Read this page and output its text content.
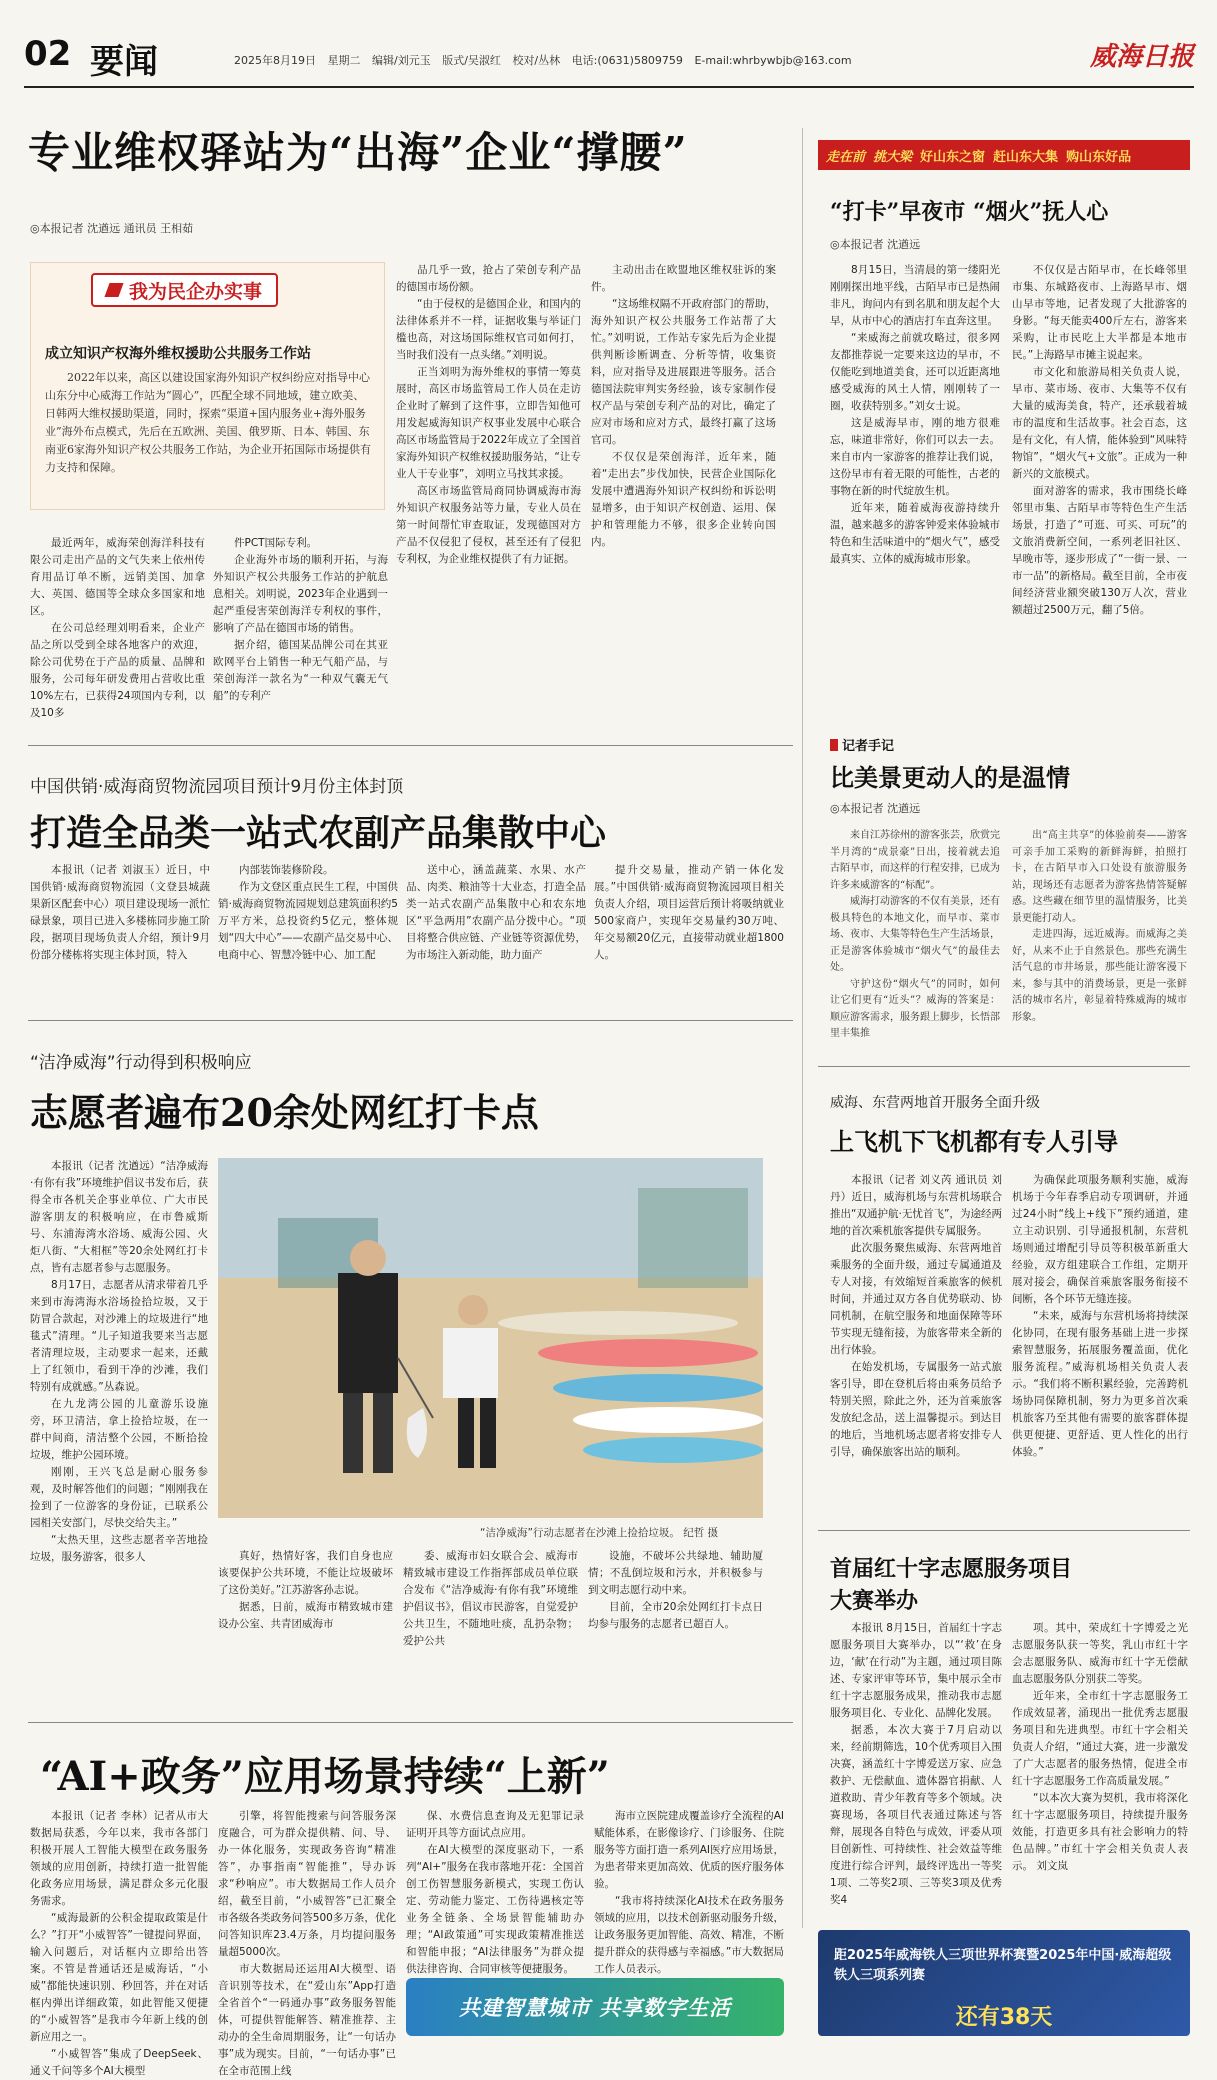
02 要闻	2025年8月19日 星期二 编辑/刘元玉 版式/吴淑红 校对/丛林 电话:(0631)5809759 E-mail:whrbywbjb@163.com	威海日报
专业维权驿站为“出海”企业“撑腰”
◎本报记者 沈遒远 通讯员 王相茹
我为民企办实事
成立知识产权海外维权援助公共服务工作站
2022年以来，高区以建设国家海外知识产权纠纷应对指导中心山东分中心威海工作站为“圆心”，匹配全球不同地域，建立欧美、日韩两大维权援助渠道，同时，探索“渠道+国内服务业+海外服务业”海外布点模式，先后在五欧洲、美国、俄罗斯、日本、韩国、东南亚6家海外知识产权公共服务工作站，为企业开拓国际市场提供有力支持和保障。
品几乎一致，抢占了荣创专利产品的德国市场份额。
“由于侵权的是德国企业，和国内的法律体系并不一样，证据收集与举证门槛也高，对这场国际维权官司如何打，当时我们没有一点头绪。”刘明说。
正当刘明为海外维权的事情一筹莫展时，高区市场监管局工作人员在走访企业时了解到了这件事，立即告知他可用发起威海知识产权事业发展中心联合高区市场监管局于2022年成立了全国首家海外知识产权维权援助服务站，“让专业人干专业事”，刘明立马找其求援。
高区市场监管局商同协调威海市海外知识产权服务站等力量，专业人员在第一时间帮忙审查取证，发现德国对方产品不仅侵犯了侵权，甚至还有了侵犯专利权，为企业维权提供了有力证据。
主动出击在欧盟地区维权驻诉的案件。
“这场维权隔不开政府部门的帮助，海外知识产权公共服务工作站帮了大忙。”刘明说，工作站专家先后为企业提供判断诊断调查、分析等情，收集资料，应对指导及进展跟进等服务。活合德国法院审判实务经验，该专家制作侵权产品与荣创专利产品的对比，确定了应对市场和应对方式，最终打赢了这场官司。
不仅仅是荣创海洋，近年来，随着“走出去”步伐加快，民营企业国际化发展中遭遇海外知识产权纠纷和诉讼明显增多，由于知识产权创造、运用、保护和管理能力不够，很多企业转向国内。
最近两年，威海荣创海洋科技有限公司走出产品的文气失来上依州传育用品订单不断，远销美国、加拿大、英国、德国等全球众多国家和地区。
在公司总经理刘明看来，企业产品之所以受到全球各地客户的欢迎，除公司优势在于产品的质量、品牌和服务，公司每年研发费用占营收比重10%左右，已获得24项国内专利，以及10多
件PCT国际专利。
企业海外市场的顺利开拓，与海外知识产权公共服务工作站的护航息息相关。刘明说，2023年企业遇到一起严重侵害荣创海洋专利权的事件，影响了产品在德国市场的销售。
据介绍，德国某品牌公司在其亚欧网平台上销售一种无气船产品，与荣创海洋一款名为“一种双气囊无气船”的专利产
走在前 挑大梁 好山东之窗 赶山东大集 购山东好品
“打卡”早夜市 “烟火”抚人心
◎本报记者 沈遒远
8月15日，当清晨的第一缕阳光刚刚探出地平线，古陌早市已是热闹非凡，询问内有到名肌和朋友起个大早，从市中心的酒店打车直奔这里。
“来威海之前就攻略过，很多网友都推荐说一定要来这边的早市，不仅能吃到地道美食，还可以近距离地感受威海的风土人情，刚刚转了一圈，收获特别多。”刘女士说。
这是威海早市，刚的地方很难忘，味道非常好，你们可以去一去。来自市内一家游客的推荐让我们说，这份早市有着无限的可能性，古老的事物在新的时代绽放生机。
近年来，随着威海夜游持续升温，越来越多的游客钟爱来体验城市特色和生活味道中的“烟火气”，感受最真实、立体的威海城市形象。
不仅仅是古陌早市，在长峰邻里市集、东城路夜市、上海路早市、烟山早市等地，记者发现了大批游客的身影。“每天能卖400斤左右，游客来采购，让市民吃上大半都是本地市民。”上海路早市摊主说起来。
市文化和旅游局相关负责人说，早市、菜市场、夜市、大集等不仅有大量的威海美食，特产，还承载着城市的温度和生活故事。社会百态，这是有文化，有人情，能体验到“风味特物馆”，“烟火气+文旅”。正成为一种新兴的文旅模式。
面对游客的需求，我市围绕长峰邻里市集、古陌早市等特色生产生活场景，打造了“可逛、可买、可玩”的文旅消费新空间，一系列老旧社区、早晚市等，逐步形成了“一街一景、一市一品”的新格局。截至目前，全市夜间经济营业额突破130万人次，营业额超过2500万元，翻了5倍。
记者手记
比美景更动人的是温情
◎本报记者 沈遒远
来自江苏徐州的游客张芸，欣赏完半月湾的“成景豪”日出，接着就去追古陌早市，而这样的行程安排，已成为许多来威游客的“标配”。
威海打动游客的不仅有美景，还有极具特色的本地文化，而早市、菜市场、夜市、大集等特色生产生活场景，正是游客体验城市“烟火气”的最佳去处。
守护这份“烟火气”的同时，如何让它们更有“近头”？威海的答案是：顺应游客需求，服务跟上脚步，长悟部里丰集推
出“高主共享”的体验前奏——游客可亲手加工采购的新鲜海鲜，拍照打卡，在古陌早市入口处设有旅游服务站，现场还有志愿者为游客热情答疑解惑。这些藏在细节里的温情服务，比美景更能打动人。
走进四海，远近威海。而威海之美好，从来不止于自然景色。那些充满生活气息的市井场景，那些能让游客漫下来，参与其中的消费场景，更是一张鲜活的城市名片，彰显着特殊威海的城市形象。
中国供销·威海商贸物流园项目预计9月份主体封顶
打造全品类一站式农副产品集散中心
本报讯（记者 刘淑玉）近日，中国供销·威海商贸物流园（文登县城蔬果新区配套中心）项目建设现场一派忙碌景象，项目已进入多楼栋同步施工阶段，据项目现场负责人介绍，预计9月份部分楼栋将实现主体封顶，特入
内部装饰装修阶段。
作为文登区重点民生工程，中国供销·威海商贸物流园规划总建筑面积约5万平方米，总投资约5亿元，整体规划“四大中心”——农副产品交易中心、电商中心、智慧冷链中心、加工配
送中心，涵盖蔬菜、水果、水产品、肉类、粮油等十大业态，打造全品类一站式农副产品集散中心和农东地区“平急两用”农副产品分拨中心。“项目将整合供应链、产业链等资源优势，为市场注入新动能，助力面产
提升交易量，推动产销一体化发展。”中国供销·威海商贸物流园项目相关负责人介绍，项目运营后预计将吸纳就业500家商户，实现年交易量约30万吨、年交易额20亿元，直接带动就业超1800人。
“洁净威海”行动得到积极响应
志愿者遍布20余处网红打卡点
本报讯（记者 沈遒远）“洁净威海·有你有我”环境维护倡议书发布后，获得全市各机关企事业单位、广大市民游客朋友的积极响应，在市鲁威斯号、东浦海湾水浴场、威海公园、火炬八街、“大相框”等20余处网红打卡点，皆有志愿者参与志愿服务。
8月17日，志愿者从清求带着几乎来到市海湾海水浴场捡拾垃圾，又于防冒合款起，对沙滩上的垃圾进行“地毯式”清理。“儿子知道我要来当志愿者清理垃圾，主动要求一起来，还戴上了红领巾，看到干净的沙滩，我们特别有成就感。”丛森说。
在九龙湾公园的儿童游乐设施旁，环卫清洁，拿上捡拾垃圾，在一群中间商，清洁整个公园，不断拾捡垃圾，维护公园环境。
刚刚，王兴飞总是耐心服务参观，及时解答他们的问题；“刚刚我在捡到了一位游客的身份证，已联系公园相关安部门，尽快交给失主。”
“太热天里，这些志愿者辛苦地捡垃圾，服务游客，很多人
“洁净威海”行动志愿者在沙滩上捡拾垃圾。 纪哲 摄
真好，热情好客，我们自身也应该要保护公共环境，不能让垃圾破坏了这份美好。”江苏游客孙志说。
据悉，日前，威海市精致城市建设办公室、共青团威海市
委、威海市妇女联合会、威海市精致城市建设工作指挥部成员单位联合发布《“洁净威海·有你有我”环境维护倡议书》，倡议市民游客，自觉爱护公共卫生，不随地吐痰，乱扔杂物；爱护公共
设施，不破坏公共绿地、辅助厦情；不乱倒垃圾和污水，并积极参与到文明志愿行动中来。
目前，全市20余处网红打卡点日均参与服务的志愿者已超百人。
威海、东营两地首开服务全面升级
上飞机下飞机都有专人引导
本报讯（记者 刘义芮 通讯员 刘丹）近日，威海机场与东营机场联合推出“双通护航·无忧首飞”，为途经两地的首次乘机旅客提供专属服务。
此次服务聚焦威海、东营两地首乘服务的全面升级，通过专属通道及专人对接，有效缩短首乘旅客的候机时间，并通过双方各自优势联动、协同机制，在航空服务和地面保障等环节实现无缝衔接，为旅客带来全新的出行体验。
在始发机场，专属服务一站式旅客引导，即在登机后将由乘务员给予特别关照，除此之外，还为首乘旅客发放纪念品，送上温馨提示。到达目的地后，当地机场志愿者将安排专人引导，确保旅客出站的顺利。
为确保此项服务顺利实施，威海机场于今年春季启动专项调研，并通过24小时“线上+线下”预约通道，建立主动识别、引导通报机制，东营机场则通过增配引导员等积极革新重大经验，双方组建联合工作组，定期开展对接会，确保首乘旅客服务衔接不间断，各个环节无缝连接。
“未来，威海与东营机场将持续深化协同，在现有服务基础上进一步探索智慧服务，拓展服务覆盖面，优化服务流程。”威海机场相关负责人表示。“我们将不断积累经验，完善跨机场协同保障机制，努力为更多首次乘机旅客乃至其他有需要的旅客群体提供更便捷、更舒适、更人性化的出行体验。”
首届红十字志愿服务项目
大赛举办
本报讯 8月15日，首届红十字志愿服务项目大赛举办，以“‘救’在身边，‘献’在行动”为主题，通过项目陈述、专家评审等环节，集中展示全市红十字志愿服务成果，推动我市志愿服务项目化、专业化、品牌化发展。
据悉，本次大赛于7月启动以来，经前期筛选，10个优秀项目入围决赛，涵盖红十字博爱送万家、应急救护、无偿献血、遗体器官捐献、人道救助、青少年教育等多个领域。决赛现场，各项目代表通过陈述与答辩，展现各自特色与成效，评委从项目创新性、可持续性、社会效益等维度进行综合评判，最终评选出一等奖1项、二等奖2项、三等奖3项及优秀奖4
项。其中，荣成红十字博爱之光志愿服务队获一等奖，乳山市红十字会志愿服务队、威海市红十字无偿献血志愿服务队分别获二等奖。
近年来，全市红十字志愿服务工作成效显著，涌现出一批优秀志愿服务项目和先进典型。市红十字会相关负责人介绍，“通过大赛，进一步激发了广大志愿者的服务热情，促进全市红十字志愿服务工作高质量发展。”
“以本次大赛为契机，我市将深化红十字志愿服务项目，持续提升服务效能，打造更多具有社会影响力的特色品牌。”市红十字会相关负责人表示。 刘文岚
“AI+政务”应用场景持续“上新”
本报讯（记者 李林）记者从市大数据局获悉，今年以来，我市各部门积极开展人工智能大模型在政务服务领域的应用创新，持续打造一批智能化政务应用场景，满足群众多元化服务需求。
“威海最新的公积金提取政策是什么？”打开“小威智答”一键提问界面，输入问题后，对话框内立即给出答案。不管是普通话还是威海话，“小威”都能快速识别、秒回答，并在对话框内弹出详细政策，如此智能又便捷的“小威智答”是我市今年新上线的创新应用之一。
“小威智答”集成了DeepSeek、通义千问等多个AI大模型
引擎，将智能搜索与问答服务深度融合，可为群众提供精、问、导、办一体化服务，实现政务咨询“精准答”，办事指南“智能推”，导办诉求“秒响应”。市大数据局工作人员介绍，截至目前，“小威智答”已汇聚全市各级各类政务问答500多万条，优化问答知识库23.4万条，月均提问服务量超5000次。
市大数据局还运用AI大模型、语音识别等技术，在“爱山东”App打造全省首个“一码通办事”政务服务智能体，可提供智能解答、精准推荐、主动办的全生命周期服务，让“一句话办事”成为现实。目前，“一句话办事”已在全市范围上线
保、水费信息查询及无犯罪记录证明开具等方面试点应用。
在AI大模型的深度驱动下，一系列“AI+”服务在我市落地开花：全国首创工伤智慧服务新模式，实现工伤认定、劳动能力鉴定、工伤待遇核定等业务全链条、全场景智能辅助办理；“AI政策通”可实现政策精准推送和智能申报；“AI法律服务”为群众提供法律咨询、合同审核等便捷服务。
海市立医院建成覆盖诊疗全流程的AI赋能体系，在影像诊疗、门诊服务、住院服务等方面打造一系列AI医疗应用场景，为患者带来更加高效、优质的医疗服务体验。
“我市将持续深化AI技术在政务服务领域的应用，以技术创新驱动服务升级，让政务服务更加智能、高效、精准，不断提升群众的获得感与幸福感。”市大数据局工作人员表示。
共建智慧城市 共享数字生活
距2025年威海铁人三项世界杯赛暨2025年中国·威海超级铁人三项系列赛
还有38天
